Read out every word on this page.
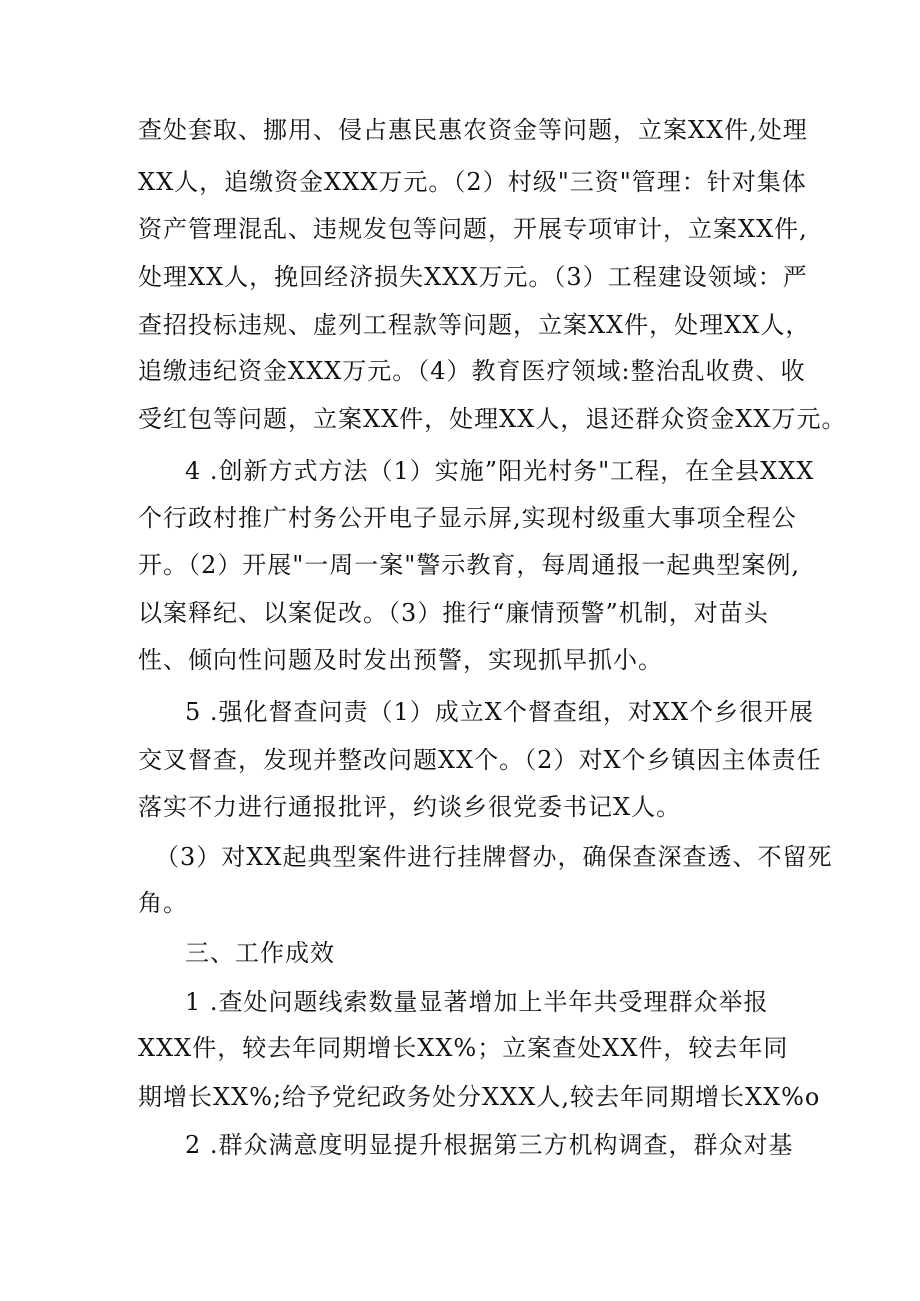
查处套取、挪用、侵占惠民惠农资金等问题，立案XX件,处理
XX人，追缴资金XXX万元。（2）村级"三资"管理：针对集体
资产管理混乱、违规发包等问题，开展专项审计，立案XX件,
处理XX人，挽回经济损失XXX万元。（3）工程建设领域：严
查招投标违规、虚列工程款等问题，立案XX件，处理XX人，
追缴违纪资金XXX万元。（4）教育医疗领域:整治乱收费、收
受红包等问题，立案XX件，处理XX人，退还群众资金XX万元。
4 .创新方式方法（1）实施”阳光村务"工程，在全县XXX
个行政村推广村务公开电子显示屏,实现村级重大事项全程公
开。（2）开展"一周一案"警示教育，每周通报一起典型案例,
以案释纪、以案促改。（3）推行“廉情预警”机制，对苗头
性、倾向性问题及时发出预警，实现抓早抓小。
5 .强化督查问责（1）成立X个督查组，对XX个乡很开展
交叉督查，发现并整改问题XX个。（2）对X个乡镇因主体责任
落实不力进行通报批评，约谈乡很党委书记X人。
（3）对XX起典型案件进行挂牌督办，确保查深查透、不留死
角。
三、工作成效
1 .查处问题线索数量显著增加上半年共受理群众举报
XXX件，较去年同期增长XX%；立案查处XX件，较去年同
期增长XX%;给予党纪政务处分XXX人,较去年同期增长XX%o
2 .群众满意度明显提升根据第三方机构调查，群众对基
